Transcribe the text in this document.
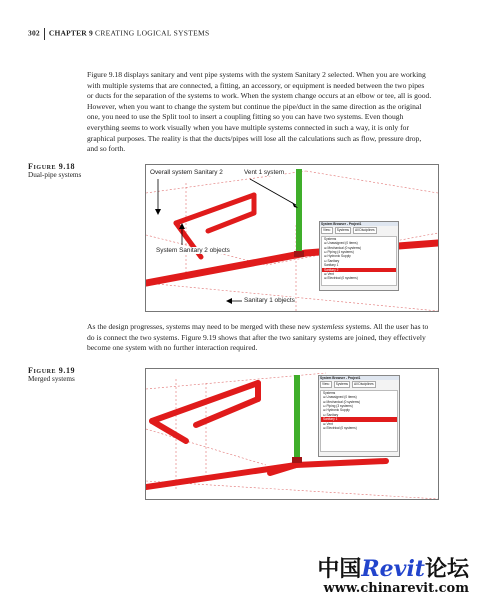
302 CHAPTER 9 CREATING LOGICAL SYSTEMS
Figure 9.18 displays sanitary and vent pipe systems with the system Sanitary 2 selected. When you are working with multiple systems that are connected, a fitting, an accessory, or equipment is needed between the two pipes or ducts for the separation of the systems to work. When the system change occurs at an elbow or tee, all is good. However, when you want to change the system but continue the pipe/duct in the same direction as the original one, you need to use the Split tool to insert a coupling fitting so you can have two systems. Even though everything seems to work visually when you have multiple systems connected in such a way, it is only for graphical purposes. The reality is that the ducts/pipes will lose all the calculations such as flow, pressure drop, and so forth.
Figure 9.18
Dual-pipe systems	Overall system Sanitary 2	Vent 1 system
System Sanitary 2 objects
Sanitary 1 objects
System Browser - Project1
View:	Systems	All Disciplines
Systems
⊞ Unassigned (0 items)
⊞ Mechanical (0 systems)
⊟ Piping (4 systems)
⊞ Hydronic Supply
⊟ Sanitary
Sanitary 1
Sanitary 2
⊞ Vent
⊞ Electrical (0 systems)
As the design progresses, systems may need to be merged with these new systemless systems. All the user has to do is connect the two systems. Figure 9.19 shows that after the two sanitary systems are joined, they effectively become one system with no further interaction required.
Figure 9.19
Merged systems	System Browser - Project1
View:	Systems	All Disciplines
Systems
⊞ Unassigned (0 items)
⊞ Mechanical (0 systems)
⊟ Piping (3 systems)
⊞ Hydronic Supply
⊟ Sanitary
Sanitary 1
⊞ Vent
⊞ Electrical (0 systems)
中国Revit论坛
www.chinarevit.com
